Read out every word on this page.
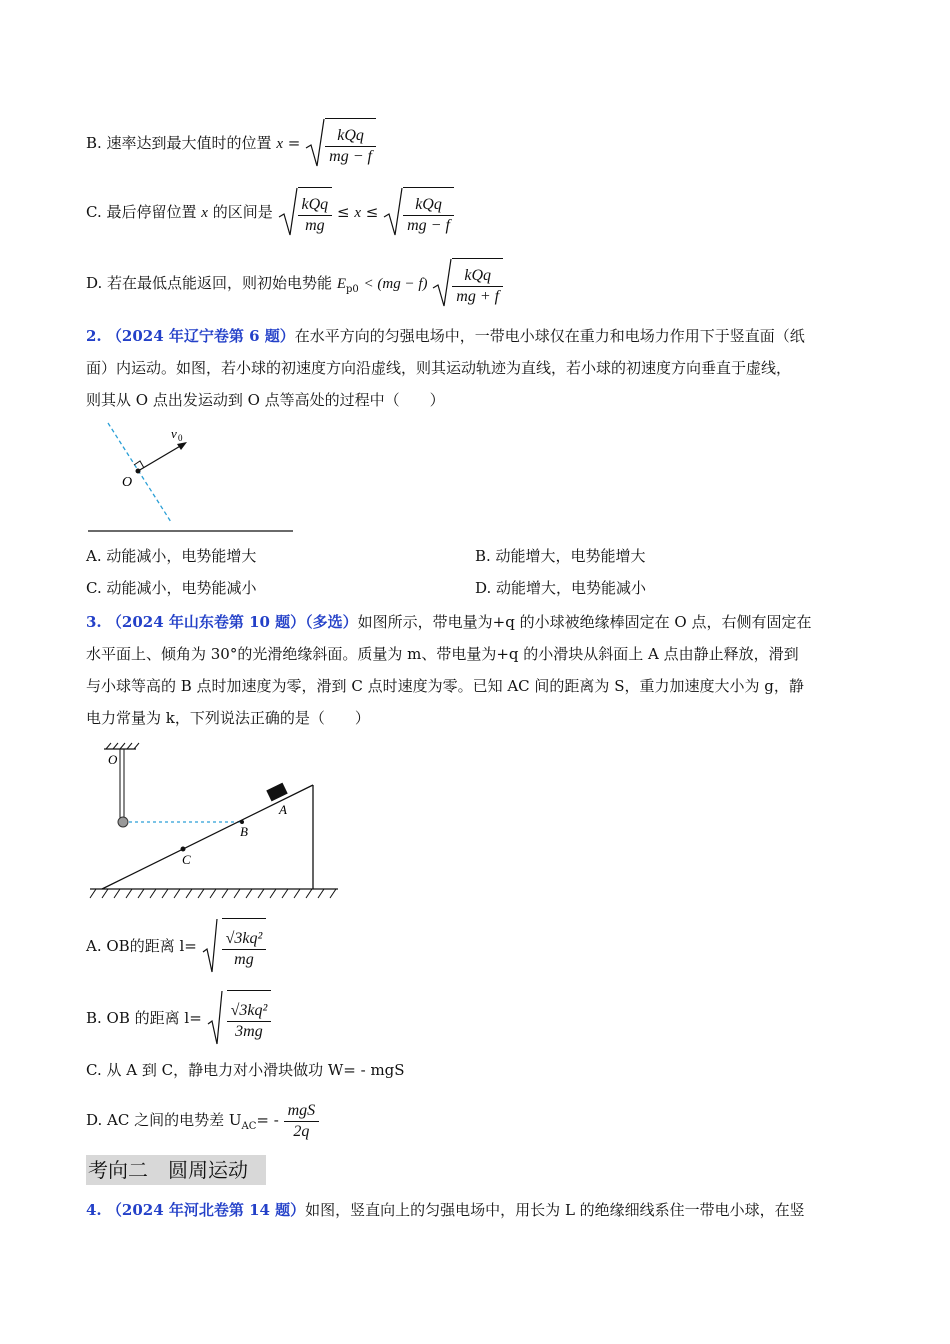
B. 速率达到最大值时的位置 $x = \frac{\text{kQq}}{mg - f}$
C. 最后停留位置 x 的区间是 $\frac{\text{kQq}}{mg} \le x \le \frac{\text{kQq}}{mg - f}$
D. 若在最低点能返回，则初始电势能 $E_{p0} < (mg - f) \frac{\text{kQq}}{mg + f}$
2. （2024 年辽宁卷第 6 题）在水平方向的匀强电场中，一带电小球仅在重力和电场力作用下于竖直面（纸
面）内运动。如图，若小球的初速度方向沿虚线，则其运动轨迹为直线，若小球的初速度方向垂直于虚线，
则其从 O 点出发运动到 O 点等高处的过程中（　　）
v 0
O
A. 动能减小，电势能增大	B. 动能增大，电势能增大
C. 动能减小，电势能减小	D. 动能增大，电势能减小
3. （2024 年山东卷第 10 题）（多选）如图所示，带电量为+q 的小球被绝缘棒固定在 O 点，右侧有固定在
水平面上、倾角为 30°的光滑绝缘斜面。质量为 m、带电量为+q 的小滑块从斜面上 A 点由静止释放，滑到
与小球等高的 B 点时加速度为零，滑到 C 点时速度为零。已知 AC 间的距离为 S，重力加速度大小为 g，静
电力常量为 k，下列说法正确的是（　　）
O
A
B
C
A. OB的距离 $l= \frac{\text{√3kq²}}{mg}$
B. OB 的距离 $l= \frac{\text{√3kq²}}{3mg}$
C. 从 A 到 C，静电力对小滑块做功 W= - mgS
D. AC 之间的电势差 $U_{AC}= - \frac{\text{mgS}}{2q}$
考向二　圆周运动
4. （2024 年河北卷第 14 题）如图，竖直向上的匀强电场中，用长为 L 的绝缘细线系住一带电小球，在竖
